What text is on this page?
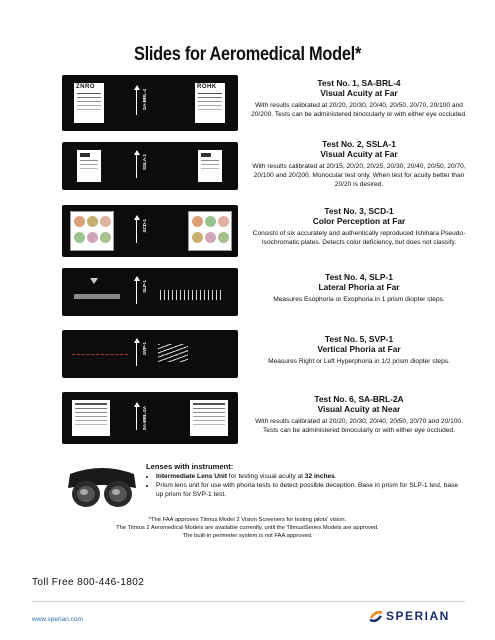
Slides for Aeromedical Model*
ZNRO
SA-BRL-4
ROHK	Test No. 1, SA-BRL-4
Visual Acuity at Far
With results calibrated at 20/20, 20/30, 20/40, 20/50, 20/70, 20/100 and 20/200. Tests can be administered binocularly or with either eye occluded.
SSLA-1
Test No. 2, SSLA-1
Visual Acuity at Far
With results calibrated at 20/15, 20/20, 20/25, 20/30, 20/40, 20/50, 20/70, 20/100 and 20/200. Monocular test only. When test for acuity better than 20/20 is desired.
SCD-1
Test No. 3, SCD-1
Color Perception at Far
Consists of six accurately and authentically reproduced Ishihara Pseudo-Isochromatic plates. Detects color deficiency, but does not classify.
SLP-1
Test No. 4, SLP-1
Lateral Phoria at Far
Measures Esophoria or Exophoria in 1 prism diopter steps.
SVP-1
Test No. 5, SVP-1
Vertical Phoria at Far
Measures Right or Left Hyperphoria in 1/2 prism diopter steps.
SA-BRL-2A
Test No. 6, SA-BRL-2A
Visual Acuity at Near
With results calibrated at 20/20, 20/30, 20/40, 20/50, 20/70 and 20/100. Tests can be administered binocularly or with either eye occluded.
Lenses with instrument:
• Intermediate Lens Unit for testing visual acuity at 32 inches.
• Prism lens unit for use with phoria tests to detect possible deception. Base in prism for SLP-1 test, base up prism for SVP-1 test.
*The FAA approves Titmus Model 2 Vision Screeners for testing pilots' vision.
The Titmus 2 Aeromedical Models are available currently, until the TitmusiSeries Models are approved.
The built-in perimeter system is not FAA approved.
Toll Free 800-446-1802
www.sperian.com	SPERIAN
